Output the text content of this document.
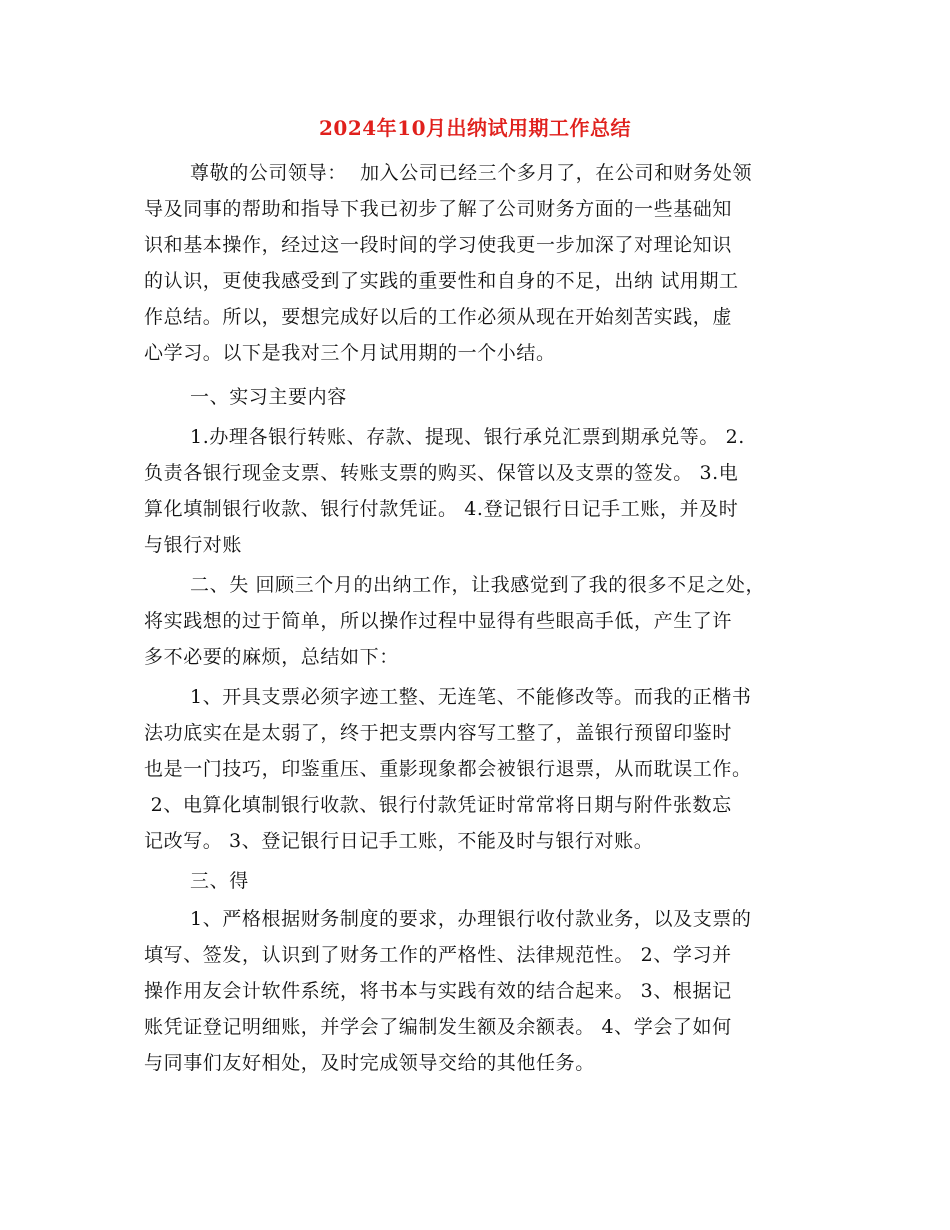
2024年10月出纳试用期工作总结
尊敬的公司领导：  加入公司已经三个多月了，在公司和财务处领
导及同事的帮助和指导下我已初步了解了公司财务方面的一些基础知
识和基本操作，经过这一段时间的学习使我更一步加深了对理论知识
的认识，更使我感受到了实践的重要性和自身的不足，出纳 试用期工
作总结。所以，要想完成好以后的工作必须从现在开始刻苦实践，虚
心学习。以下是我对三个月试用期的一个小结。
一、实习主要内容
1.办理各银行转账、存款、提现、银行承兑汇票到期承兑等。 2.
负责各银行现金支票、转账支票的购买、保管以及支票的签发。 3.电
算化填制银行收款、银行付款凭证。 4.登记银行日记手工账，并及时
与银行对账
二、失 回顾三个月的出纳工作，让我感觉到了我的很多不足之处，
将实践想的过于简单，所以操作过程中显得有些眼高手低，产生了许
多不必要的麻烦，总结如下：
1、开具支票必须字迹工整、无连笔、不能修改等。而我的正楷书
法功底实在是太弱了，终于把支票内容写工整了，盖银行预留印鉴时
也是一门技巧，印鉴重压、重影现象都会被银行退票，从而耽误工作。
2、电算化填制银行收款、银行付款凭证时常常将日期与附件张数忘
记改写。 3、登记银行日记手工账，不能及时与银行对账。
三、得
1、严格根据财务制度的要求，办理银行收付款业务，以及支票的
填写、签发，认识到了财务工作的严格性、法律规范性。 2、学习并
操作用友会计软件系统，将书本与实践有效的结合起来。 3、根据记
账凭证登记明细账，并学会了编制发生额及余额表。 4、学会了如何
与同事们友好相处，及时完成领导交给的其他任务。
